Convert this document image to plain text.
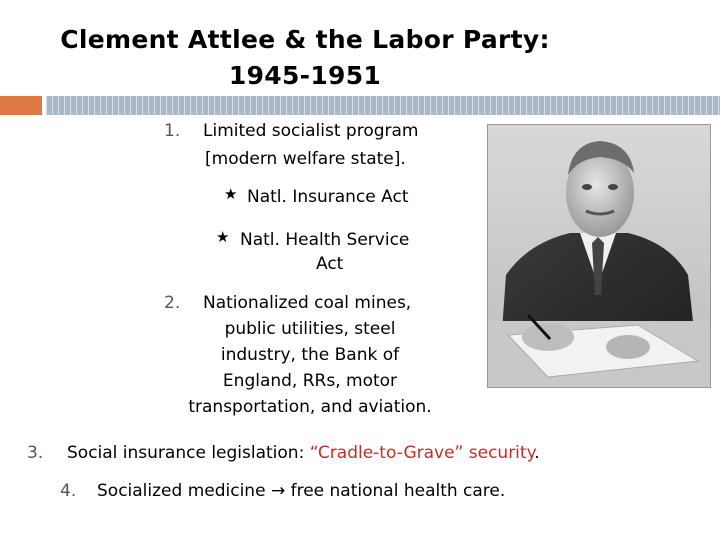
Clement Attlee & the Labor Party:
1945-1951
1. Limited socialist program
[modern welfare state].
★ Natl. Insurance Act
★ Natl. Health Service
Act
2. Nationalized coal mines,
public utilities, steel
industry, the Bank of
England, RRs, motor
transportation, and aviation.
3. Social insurance legislation: “Cradle-to-Grave” security.
4. Socialized medicine → free national health care.
